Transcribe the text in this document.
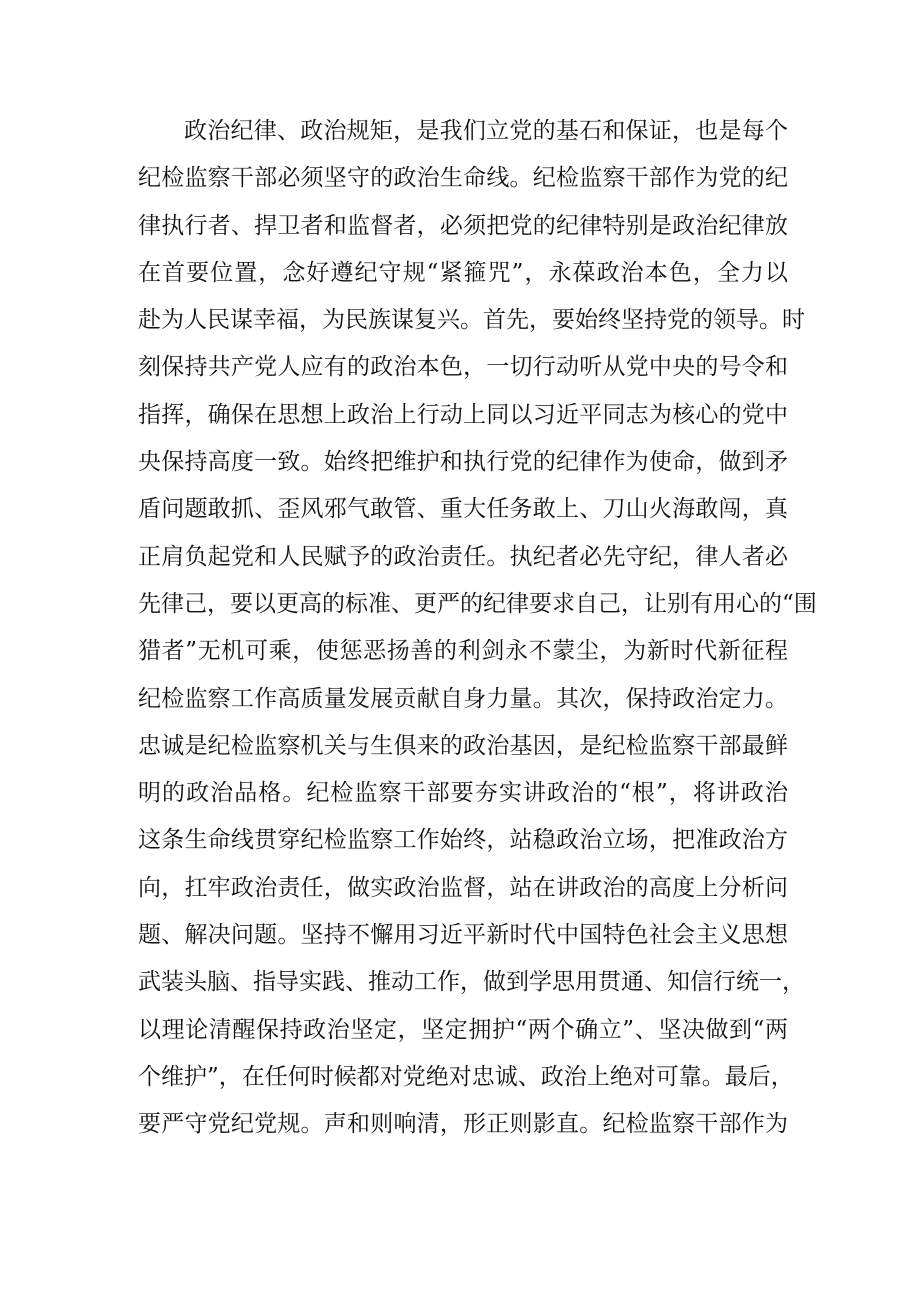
政治纪律、政治规矩，是我们立党的基石和保证，也是每个
纪检监察干部必须坚守的政治生命线。纪检监察干部作为党的纪
律执行者、捍卫者和监督者，必须把党的纪律特别是政治纪律放
在首要位置，念好遵纪守规“紧箍咒”，永葆政治本色，全力以
赴为人民谋幸福，为民族谋复兴。首先，要始终坚持党的领导。时
刻保持共产党人应有的政治本色，一切行动听从党中央的号令和
指挥，确保在思想上政治上行动上同以习近平同志为核心的党中
央保持高度一致。始终把维护和执行党的纪律作为使命，做到矛
盾问题敢抓、歪风邪气敢管、重大任务敢上、刀山火海敢闯，真
正肩负起党和人民赋予的政治责任。执纪者必先守纪，律人者必
先律己，要以更高的标准、更严的纪律要求自己，让别有用心的“围
猎者”无机可乘，使惩恶扬善的利剑永不蒙尘，为新时代新征程
纪检监察工作高质量发展贡献自身力量。其次，保持政治定力。
忠诚是纪检监察机关与生俱来的政治基因，是纪检监察干部最鲜
明的政治品格。纪检监察干部要夯实讲政治的“根”，将讲政治
这条生命线贯穿纪检监察工作始终，站稳政治立场，把准政治方
向，扛牢政治责任，做实政治监督，站在讲政治的高度上分析问
题、解决问题。坚持不懈用习近平新时代中国特色社会主义思想
武装头脑、指导实践、推动工作，做到学思用贯通、知信行统一，
以理论清醒保持政治坚定，坚定拥护“两个确立”、坚决做到“两
个维护”，在任何时候都对党绝对忠诚、政治上绝对可靠。最后，
要严守党纪党规。声和则响清，形正则影直。纪检监察干部作为
